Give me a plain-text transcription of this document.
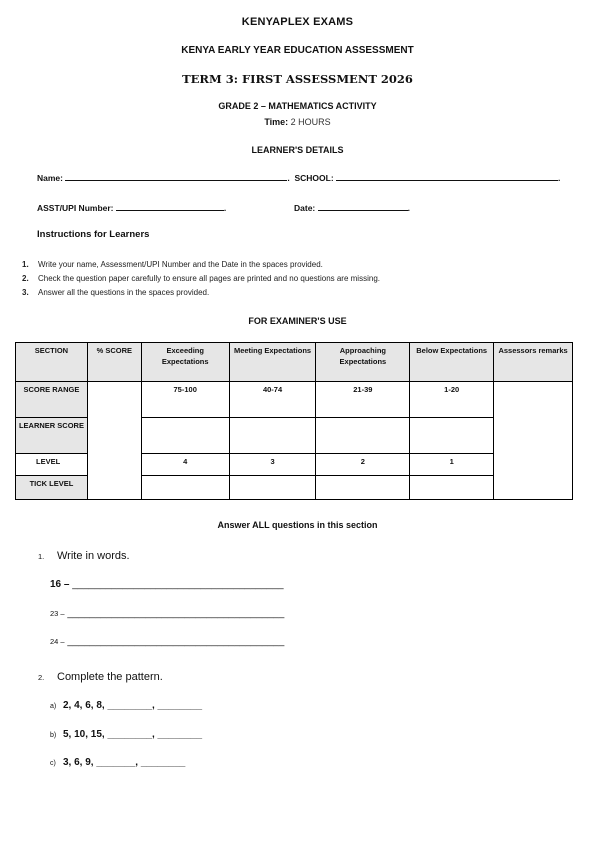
KENYAPLEX EXAMS
KENYA EARLY YEAR EDUCATION ASSESSMENT
TERM 3: FIRST ASSESSMENT 2026
GRADE 2 – MATHEMATICS ACTIVITY
Time: 2 HOURS
LEARNER'S DETAILS
Name:	. SCHOOL:	.
ASST/UPI Number:	.	Date:	.
Instructions for Learners
1. Write your name, Assessment/UPI Number and the Date in the spaces provided.
2. Check the question paper carefully to ensure all pages are printed and no questions are missing.
3. Answer all the questions in the spaces provided.
FOR EXAMINER'S USE
SECTION	% SCORE	Exceeding Expectations	Meeting Expectations	Approaching Expectations	Below Expectations	Assessors remarks
SCORE RANGE		75-100	40-74	21-39	1-20	
LEARNER SCORE						
LEVEL		4	3	2	1	
TICK LEVEL						
Answer ALL questions in this section
1. Write in words.
16 – ______________________________________
23 – _______________________________________
24 – _______________________________________
2. Complete the pattern.
a) 2, 4, 6, 8, ________, ________
b) 5, 10, 15, ________, ________
c) 3, 6, 9, _______, ________
